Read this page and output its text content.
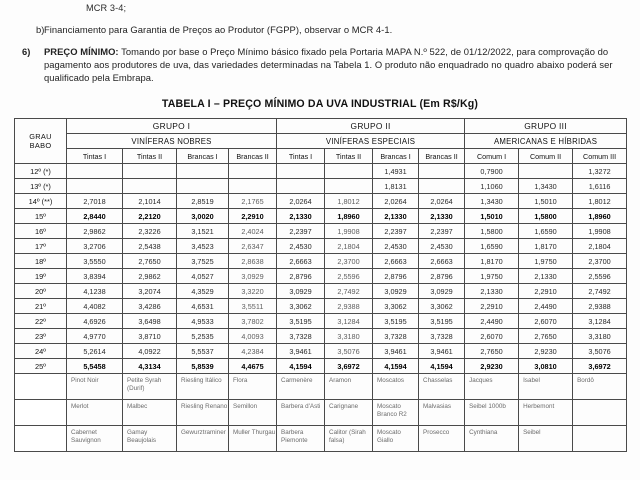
MCR 3-4;
b) Financiamento para Garantia de Preços ao Produtor (FGPP), observar o MCR 4-1.
6)	PREÇO MÍNIMO: Tomando por base o Preço Mínimo básico fixado pela Portaria MAPA N.º 522, de 01/12/2022, para comprovação do pagamento aos produtores de uva, das variedades determinadas na Tabela 1. O produto não enquadrado no quadro abaixo poderá ser qualificado pela Embrapa.
TABELA I – PREÇO MÍNIMO DA UVA INDUSTRIAL (Em R$/Kg)
GRAU
BABO	GRUPO I				GRUPO II				GRUPO III		
	VINÍFERAS NOBRES				VINÍFERAS ESPECIAIS				AMERICANAS E HÍBRIDAS		
	Tintas I	Tintas II	Brancas I	Brancas II	Tintas I	Tintas II	Brancas I	Brancas II	Comum I	Comum II	Comum III
12º (*)							1,4931		0,7900		1,3272
13º (*)							1,8131		1,1060	1,3430	1,6116
14º (**)	2,7018	2,1014	2,8519	2,1765	2,0264	1,8012	2,0264	2,0264	1,3430	1,5010	1,8012
15º	2,8440	2,2120	3,0020	2,2910	2,1330	1,8960	2,1330	2,1330	1,5010	1,5800	1,8960
16º	2,9862	2,3226	3,1521	2,4024	2,2397	1,9908	2,2397	2,2397	1,5800	1,6590	1,9908
17º	3,2706	2,5438	3,4523	2,6347	2,4530	2,1804	2,4530	2,4530	1,6590	1,8170	2,1804
18º	3,5550	2,7650	3,7525	2,8638	2,6663	2,3700	2,6663	2,6663	1,8170	1,9750	2,3700
19º	3,8394	2,9862	4,0527	3,0929	2,8796	2,5596	2,8796	2,8796	1,9750	2,1330	2,5596
20º	4,1238	3,2074	4,3529	3,3220	3,0929	2,7492	3,0929	3,0929	2,1330	2,2910	2,7492
21º	4,4082	3,4286	4,6531	3,5511	3,3062	2,9388	3,3062	3,3062	2,2910	2,4490	2,9388
22º	4,6926	3,6498	4,9533	3,7802	3,5195	3,1284	3,5195	3,5195	2,4490	2,6070	3,1284
23º	4,9770	3,8710	5,2535	4,0093	3,7328	3,3180	3,7328	3,7328	2,6070	2,7650	3,3180
24º	5,2614	4,0922	5,5537	4,2384	3,9461	3,5076	3,9461	3,9461	2,7650	2,9230	3,5076
25º	5,5458	4,3134	5,8539	4,4675	4,1594	3,6972	4,1594	4,1594	2,9230	3,0810	3,6972
	Pinot Noir	Petite Syrah (Durif)	Riesling Itálico	Flora	Carmenère	Aramon	Moscatos	Chasselas	Jacques	Isabel	Bordô
	Merlot	Malbec	Riesling Renano	Semillon	Barbera d'Asti	Carignane	Moscato Branco R2	Malvasias	Seibel 1000b	Herbemont	
	Cabernet Sauvignon	Gamay Beaujolais	Gewurztraminer	Muller Thurgau	Barbera Piemonte	Calitor (Sirah falsa)	Moscato Giallo	Prosecco	Cynthiana	Seibel	
